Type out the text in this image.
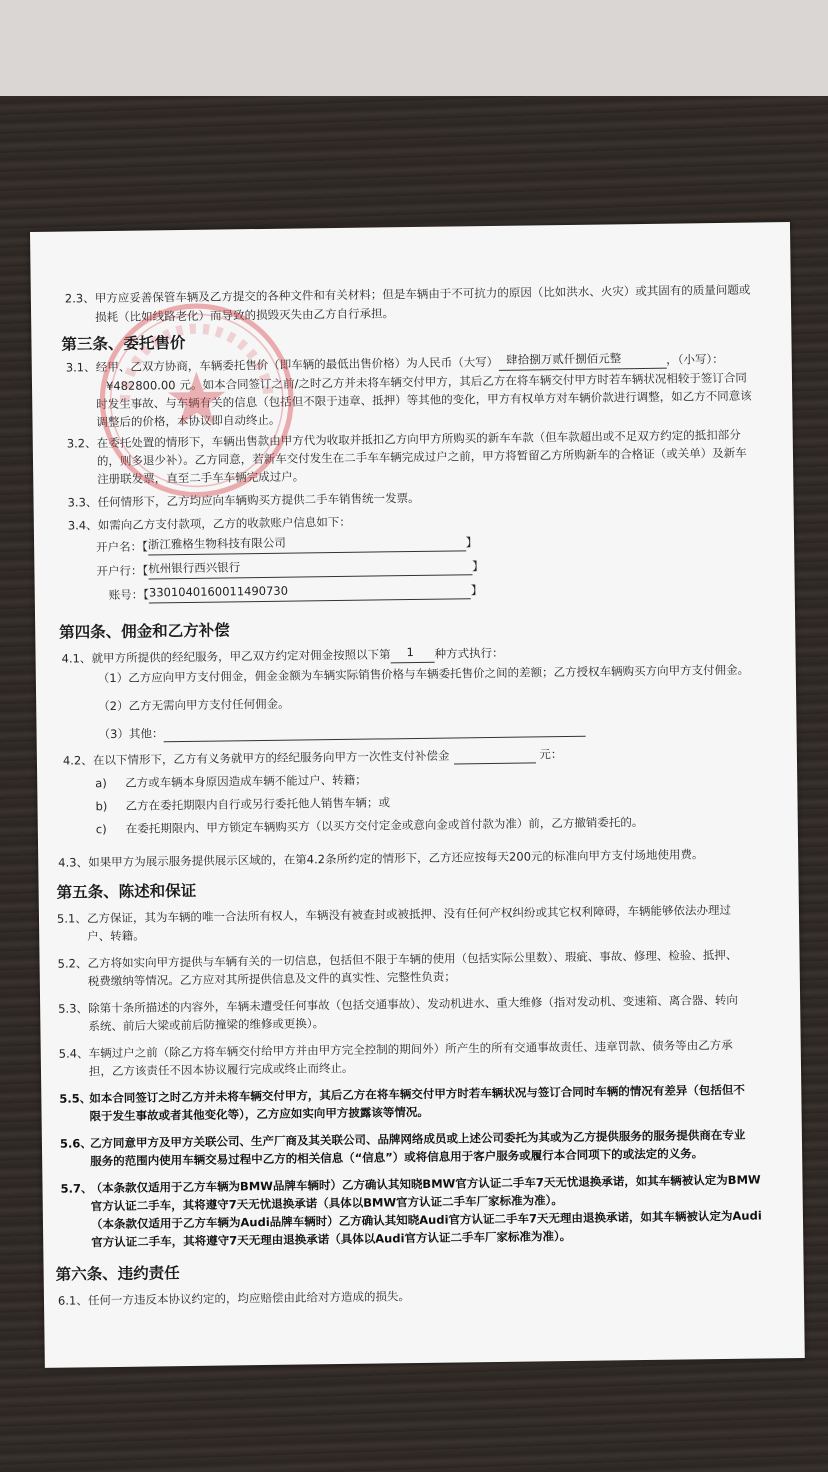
2.3、 甲方应妥善保管车辆及乙方提交的各种文件和有关材料；但是车辆由于不可抗力的原因（比如洪水、火灾）或其固有的质量问题或
损耗（比如线路老化）而导致的损毁灭失由乙方自行承担。
第三条、委托售价
3.1、 经甲、乙双方协商，车辆委托售价（即车辆的最低出售价格）为人民币（大写） 肆拾捌万贰仟捌佰元整	，（小写）：
¥482800.00 元。如本合同签订之前/之时乙方并未将车辆交付甲方，其后乙方在将车辆交付甲方时若车辆状况相较于签订合同
时发生事故、与车辆有关的信息（包括但不限于违章、抵押）等其他的变化，甲方有权单方对车辆价款进行调整，如乙方不同意该
调整后的价格，本协议即自动终止。
3.2、 在委托处置的情形下，车辆出售款由甲方代为收取并抵扣乙方向甲方所购买的新车车款（但车款超出或不足双方约定的抵扣部分
的，则多退少补）。乙方同意，若新车交付发生在二手车车辆完成过户之前，甲方将暂留乙方所购新车的合格证（或关单）及新车
注册联发票，直至二手车车辆完成过户。
3.3、 任何情形下，乙方均应向车辆购买方提供二手车销售统一发票。
3.4、 如需向乙方支付款项，乙方的收款账户信息如下：
开户名：【 浙江雅格生物科技有限公司	】
开户行：【 杭州银行西兴银行	】
账号：【 3301040160011490730	】
第四条、佣金和乙方补偿
4.1、 就甲方所提供的经纪服务，甲乙双方约定对佣金按照以下第 1 种方式执行：
（1）乙方应向甲方支付佣金，佣金金额为车辆实际销售价格与车辆委托售价之间的差额；乙方授权车辆购买方向甲方支付佣金。
（2）乙方无需向甲方支付任何佣金。
（3）其他：
4.2、 在以下情形下，乙方有义务就甲方的经纪服务向甲方一次性支付补偿金	元：
a) 乙方或车辆本身原因造成车辆不能过户、转籍；
b) 乙方在委托期限内自行或另行委托他人销售车辆；或
c) 在委托期限内、甲方锁定车辆购买方（以买方交付定金或意向金或首付款为准）前，乙方撤销委托的。
4.3、 如果甲方为展示服务提供展示区域的，在第4.2条所约定的情形下，乙方还应按每天200元的标准向甲方支付场地使用费。
第五条、陈述和保证
5.1、 乙方保证，其为车辆的唯一合法所有权人，车辆没有被查封或被抵押、没有任何产权纠纷或其它权利障碍，车辆能够依法办理过
户、转籍。
5.2、 乙方将如实向甲方提供与车辆有关的一切信息，包括但不限于车辆的使用（包括实际公里数）、瑕疵、事故、修理、检验、抵押、
税费缴纳等情况。乙方应对其所提供信息及文件的真实性、完整性负责；
5.3、 除第十条所描述的内容外，车辆未遭受任何事故（包括交通事故）、发动机进水、重大维修（指对发动机、变速箱、离合器、转向
系统、前后大梁或前后防撞梁的维修或更换）。
5.4、 车辆过户之前（除乙方将车辆交付给甲方并由甲方完全控制的期间外）所产生的所有交通事故责任、违章罚款、债务等由乙方承
担，乙方该责任不因本协议履行完成或终止而终止。
5.5、
如本合同签订之时乙方并未将车辆交付甲方，其后乙方在将车辆交付甲方时若车辆状况与签订合同时车辆的情况有差异（包括但不
限于发生事故或者其他变化等），乙方应如实向甲方披露该等情况。
5.6、
乙方同意甲方及甲方关联公司、生产厂商及其关联公司、品牌网络成员或上述公司委托为其或为乙方提供服务的服务提供商在专业
服务的范围内使用车辆交易过程中乙方的相关信息（“信息”）或将信息用于客户服务或履行本合同项下的或法定的义务。
5.7、
（本条款仅适用于乙方车辆为BMW品牌车辆时）乙方确认其知晓BMW官方认证二手车7天无忧退换承诺，如其车辆被认定为BMW
官方认证二手车，其将遵守7天无忧退换承诺（具体以BMW官方认证二手车厂家标准为准）。
（本条款仅适用于乙方车辆为Audi品牌车辆时）乙方确认其知晓Audi官方认证二手车7天无理由退换承诺，如其车辆被认定为Audi
官方认证二手车，其将遵守7天无理由退换承诺（具体以Audi官方认证二手车厂家标准为准）。
第六条、违约责任
6.1、 任何一方违反本协议约定的，均应赔偿由此给对方造成的损失。
